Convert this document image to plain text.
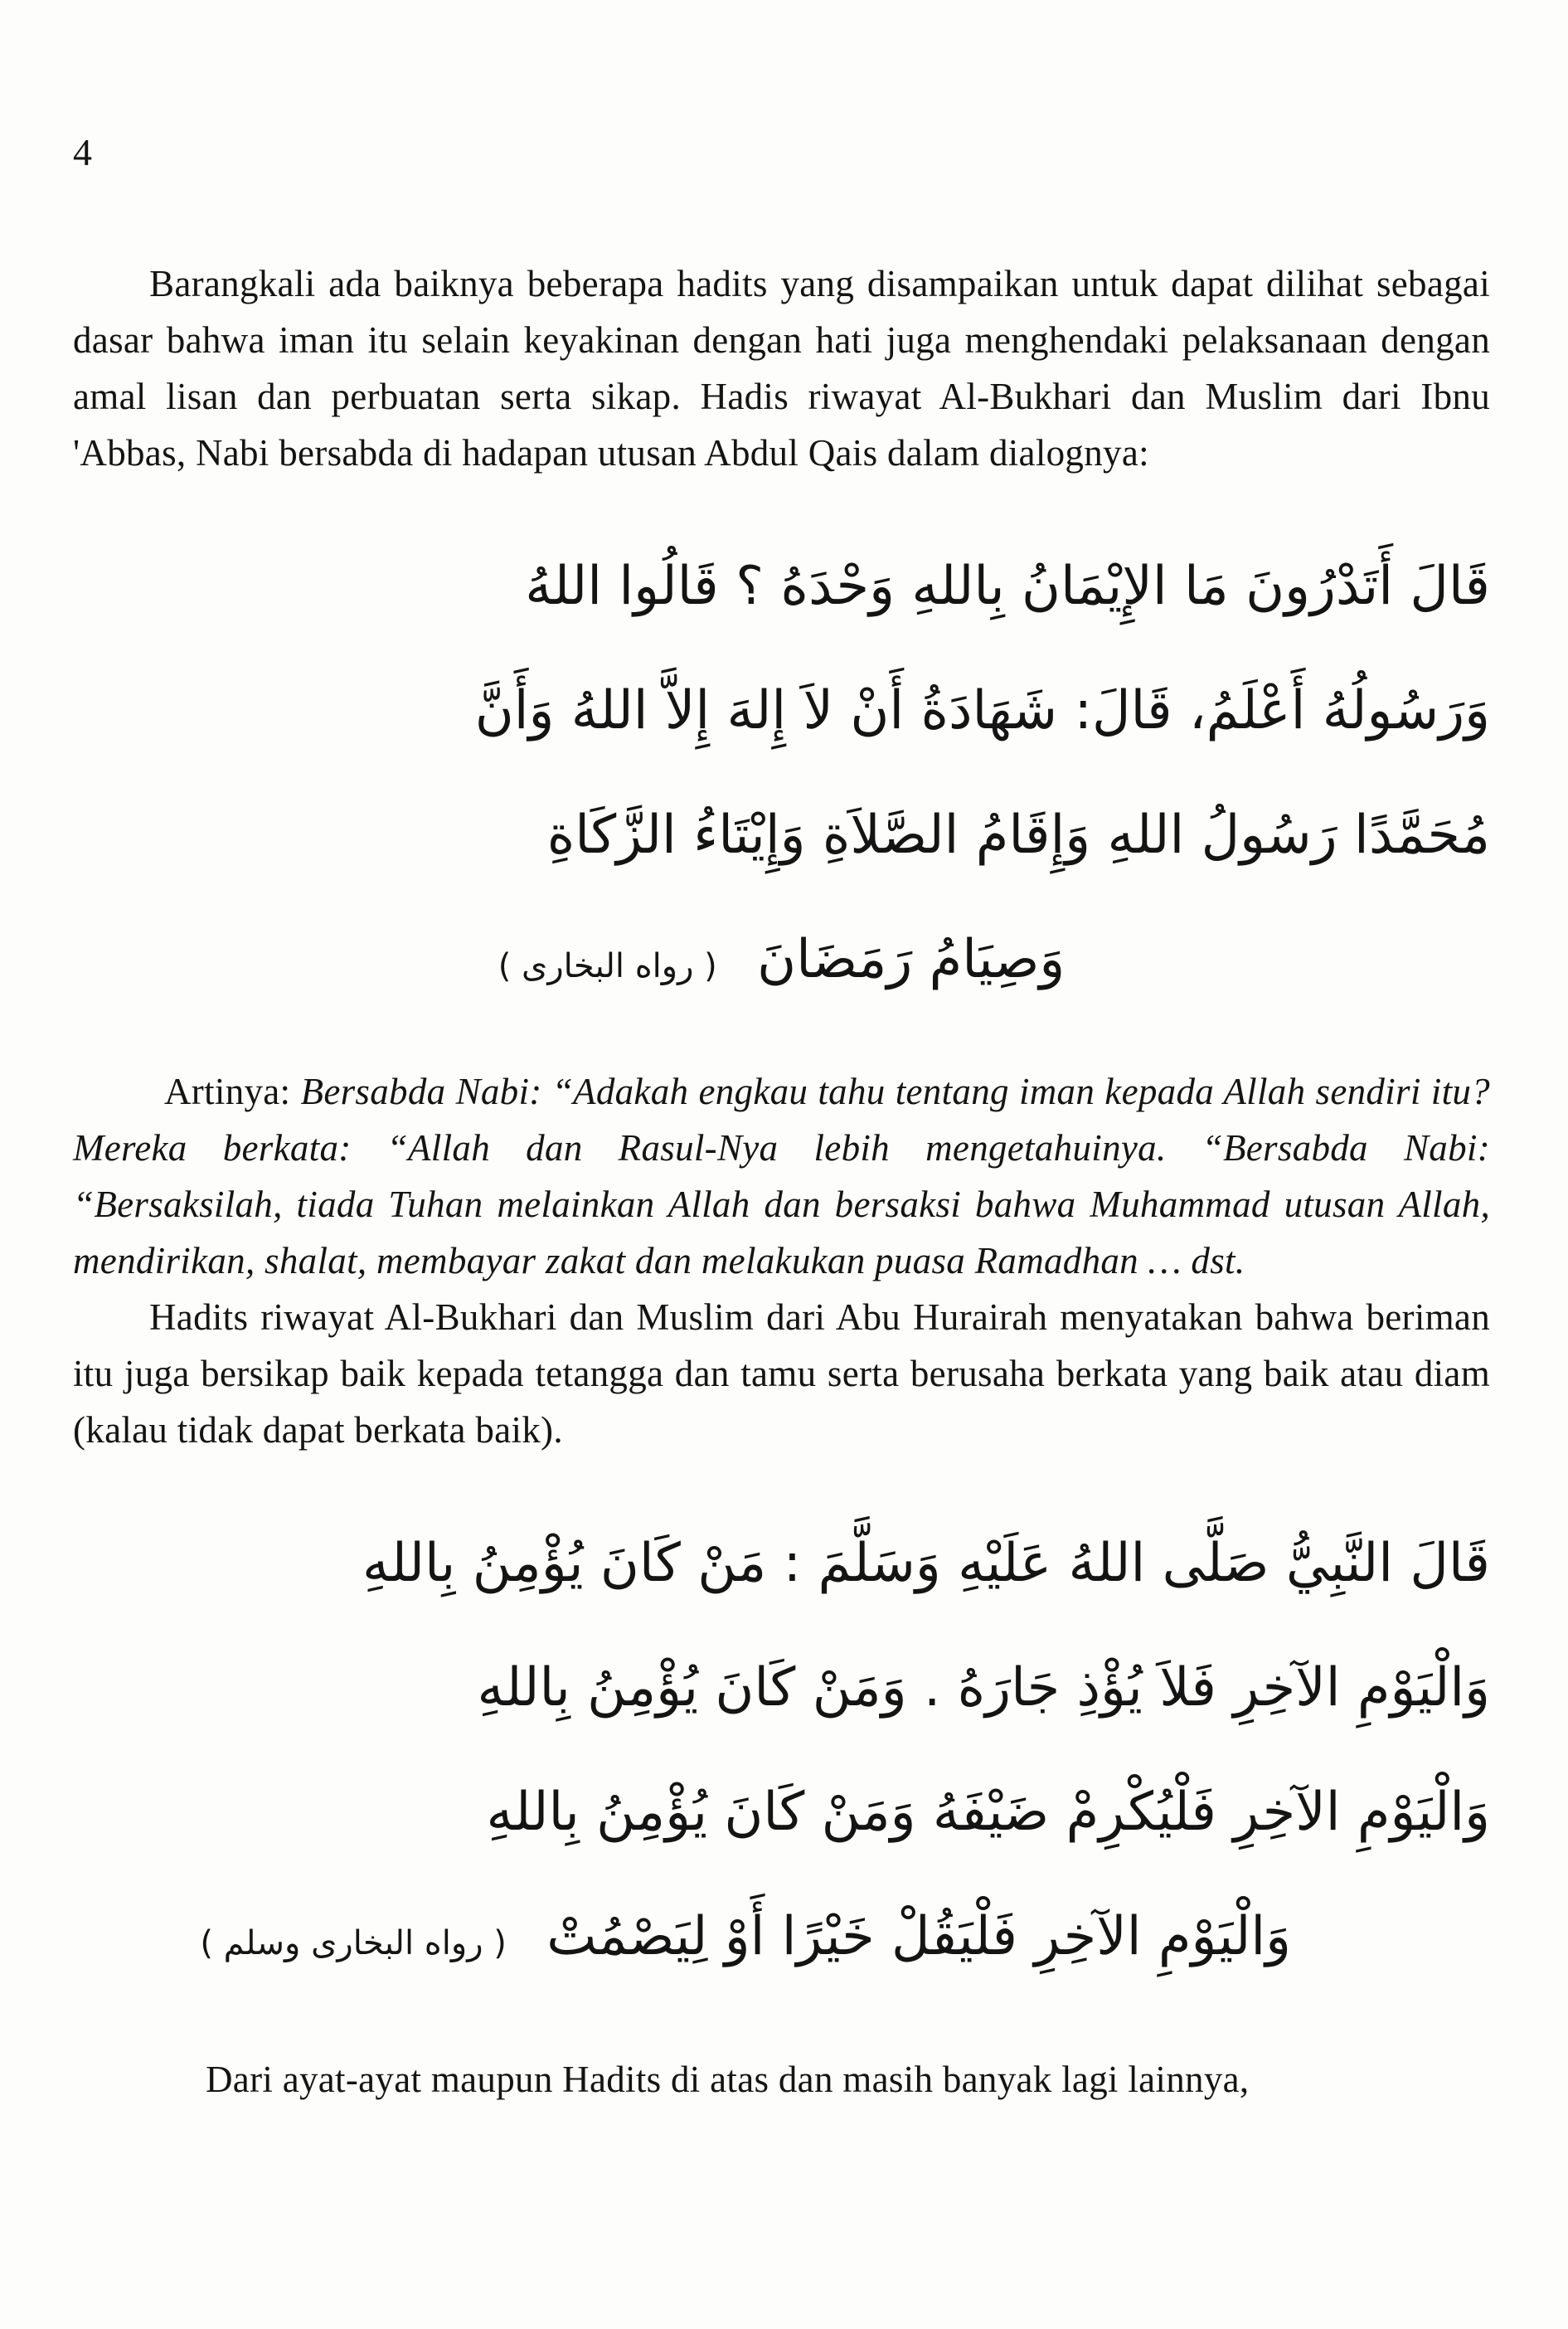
4

Barangkali ada baiknya beberapa hadits yang disampaikan untuk dapat dilihat sebagai dasar bahwa iman itu selain keyakinan dengan hati juga menghendaki pelaksanaan dengan amal lisan dan perbuatan serta sikap. Hadis riwayat Al-Bukhari dan Muslim dari Ibnu 'Abbas, Nabi bersabda di hadapan utusan Abdul Qais dalam dialognya:

قَالَ أَتَدْرُونَ مَا الإِيْمَانُ بِاللهِ وَحْدَهُ ؟ قَالُوا اللهُ
وَرَسُولُهُ أَعْلَمُ، قَالَ: شَهَادَةُ أَنْ لاَ إِلهَ إِلاَّ اللهُ وَأَنَّ
مُحَمَّدًا رَسُولُ اللهِ وَإِقَامُ الصَّلاَةِ وَإِيْتَاءُ الزَّكَاةِ
وَصِيَامُ رَمَضَانَ ( رواه البخارى )

Artinya: Bersabda Nabi: “Adakah engkau tahu tentang iman kepada Allah sendiri itu? Mereka berkata: “Allah dan Rasul-Nya lebih mengetahuinya. “Bersabda Nabi: “Bersaksilah, tiada Tuhan melainkan Allah dan bersaksi bahwa Muhammad utusan Allah, mendirikan, shalat, membayar zakat dan melakukan puasa Ramadhan … dst.

Hadits riwayat Al-Bukhari dan Muslim dari Abu Hurairah menyatakan bahwa beriman itu juga bersikap baik kepada tetangga dan tamu serta berusaha berkata yang baik atau diam (kalau tidak dapat berkata baik).

قَالَ النَّبِيُّ صَلَّى اللهُ عَلَيْهِ وَسَلَّمَ : مَنْ كَانَ يُؤْمِنُ بِاللهِ
وَالْيَوْمِ الآخِرِ فَلاَ يُؤْذِ جَارَهُ . وَمَنْ كَانَ يُؤْمِنُ بِاللهِ
وَالْيَوْمِ الآخِرِ فَلْيُكْرِمْ ضَيْفَهُ وَمَنْ كَانَ يُؤْمِنُ بِاللهِ
وَالْيَوْمِ الآخِرِ فَلْيَقُلْ خَيْرًا أَوْ لِيَصْمُتْ ( رواه البخارى وسلم )

Dari ayat-ayat maupun Hadits di atas dan masih banyak lagi lainnya,
